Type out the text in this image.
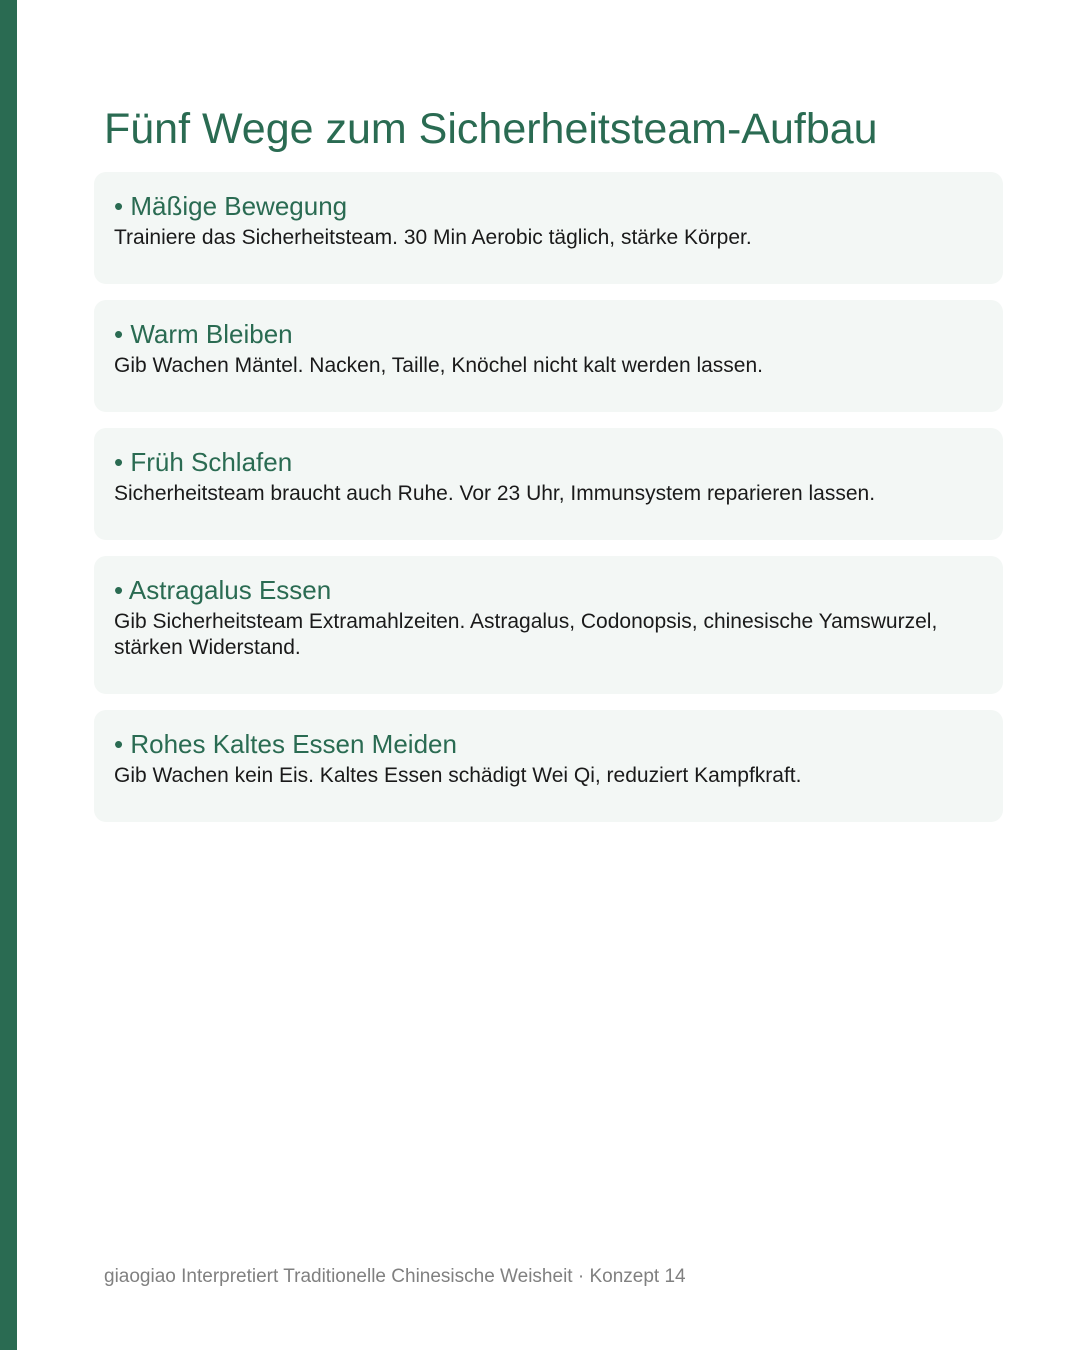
Fünf Wege zum Sicherheitsteam-Aufbau
• Mäßige Bewegung
Trainiere das Sicherheitsteam. 30 Min Aerobic täglich, stärke Körper.
• Warm Bleiben
Gib Wachen Mäntel. Nacken, Taille, Knöchel nicht kalt werden lassen.
• Früh Schlafen
Sicherheitsteam braucht auch Ruhe. Vor 23 Uhr, Immunsystem reparieren lassen.
• Astragalus Essen
Gib Sicherheitsteam Extramahlzeiten. Astragalus, Codonopsis, chinesische Yamswurzel, stärken Widerstand.
• Rohes Kaltes Essen Meiden
Gib Wachen kein Eis. Kaltes Essen schädigt Wei Qi, reduziert Kampfkraft.
giaogiao Interpretiert Traditionelle Chinesische Weisheit · Konzept 14
